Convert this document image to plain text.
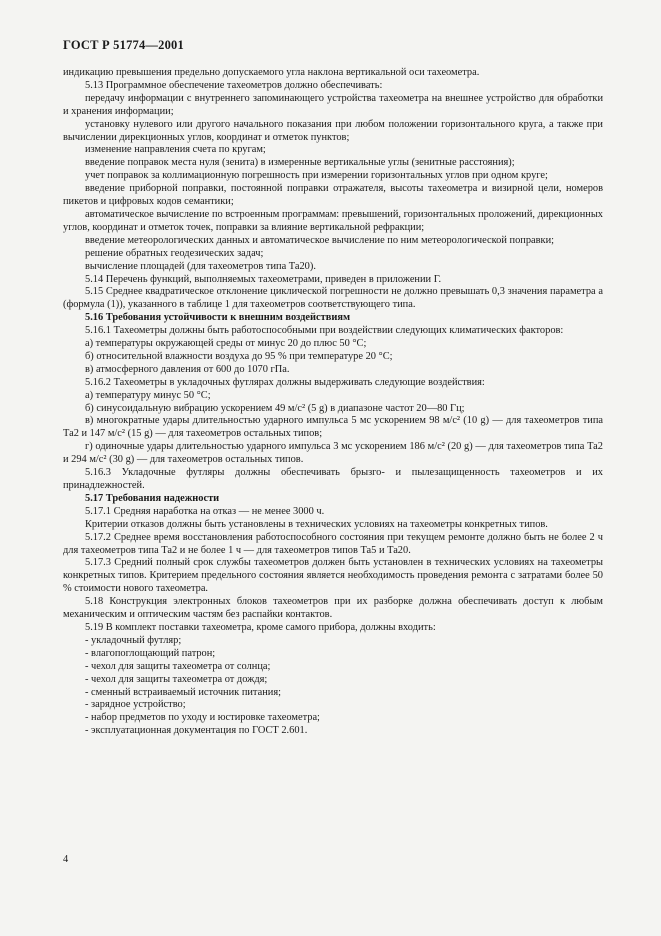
ГОСТ Р 51774—2001

индикацию превышения предельно допускаемого угла наклона вертикальной оси тахеометра.

5.13 Программное обеспечение тахеометров должно обеспечивать:

передачу информации с внутреннего запоминающего устройства тахеометра на внешнее устройство для обработки и хранения информации;

установку нулевого или другого начального показания при любом положении горизонтального круга, а также при вычислении дирекционных углов, координат и отметок пунктов;

изменение направления счета по кругам;

введение поправок места нуля (зенита) в измеренные вертикальные углы (зенитные расстояния);

учет поправок за коллимационную погрешность при измерении горизонтальных углов при одном круге;

введение приборной поправки, постоянной поправки отражателя, высоты тахеометра и визирной цели, номеров пикетов и цифровых кодов семантики;

автоматическое вычисление по встроенным программам: превышений, горизонтальных проложений, дирекционных углов, координат и отметок точек, поправки за влияние вертикальной рефракции;

введение метеорологических данных и автоматическое вычисление по ним метеорологической поправки;

решение обратных геодезических задач;

вычисление площадей (для тахеометров типа Та20).

5.14 Перечень функций, выполняемых тахеометрами, приведен в приложении Г.

5.15 Среднее квадратическое отклонение циклической погрешности не должно превышать 0,3 значения параметра a (формула (1)), указанного в таблице 1 для тахеометров соответствующего типа.

5.16 Требования устойчивости к внешним воздействиям

5.16.1 Тахеометры должны быть работоспособными при воздействии следующих климатических факторов:

а) температуры окружающей среды от минус 20 до плюс 50 °С;

б) относительной влажности воздуха до 95 % при температуре 20 °С;

в) атмосферного давления от 600 до 1070 гПа.

5.16.2 Тахеометры в укладочных футлярах должны выдерживать следующие воздействия:

а) температуру минус 50 °С;

б) синусоидальную вибрацию ускорением 49 м/с² (5 g) в диапазоне частот 20—80 Гц;

в) многократные удары длительностью ударного импульса 5 мс ускорением 98 м/с² (10 g) — для тахеометров типа Та2 и 147 м/с² (15 g) — для тахеометров остальных типов;

г) одиночные удары длительностью ударного импульса 3 мс ускорением 186 м/с² (20 g) — для тахеометров типа Та2 и 294 м/с² (30 g) — для тахеометров остальных типов.

5.16.3 Укладочные футляры должны обеспечивать брызго- и пылезащищенность тахеометров и их принадлежностей.

5.17 Требования надежности

5.17.1 Средняя наработка на отказ — не менее 3000 ч.

Критерии отказов должны быть установлены в технических условиях на тахеометры конкретных типов.

5.17.2 Среднее время восстановления работоспособного состояния при текущем ремонте должно быть не более 2 ч для тахеометров типа Та2 и не более 1 ч — для тахеометров типов Та5 и Та20.

5.17.3 Средний полный срок службы тахеометров должен быть установлен в технических условиях на тахеометры конкретных типов. Критерием предельного состояния является необходимость проведения ремонта с затратами более 50 % стоимости нового тахеометра.

5.18 Конструкция электронных блоков тахеометров при их разборке должна обеспечивать доступ к любым механическим и оптическим частям без распайки контактов.

5.19 В комплект поставки тахеометра, кроме самого прибора, должны входить:

- укладочный футляр;

- влагопоглощающий патрон;

- чехол для защиты тахеометра от солнца;

- чехол для защиты тахеометра от дождя;

- сменный встраиваемый источник питания;

- зарядное устройство;

- набор предметов по уходу и юстировке тахеометра;

- эксплуатационная документация по ГОСТ 2.601.

4
